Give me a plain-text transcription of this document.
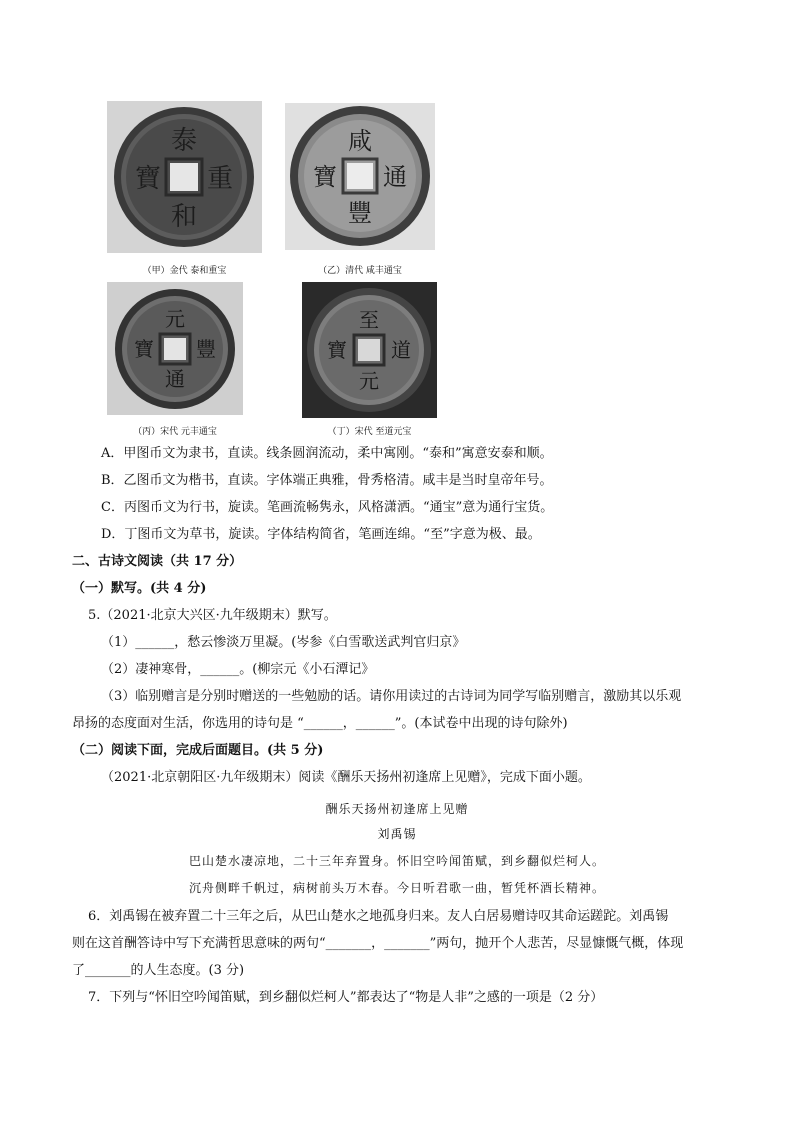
泰
重
和
寶
（甲）金代 泰和重宝
咸
通
豐
寶
（乙）清代 咸丰通宝
元
豐
通
寶
（丙）宋代 元丰通宝
至
道
元
寶
（丁）宋代 至道元宝
A．甲图币文为隶书，直读。线条圆润流动，柔中寓刚。“泰和”寓意安泰和顺。
B．乙图币文为楷书，直读。字体端正典雅，骨秀格清。咸丰是当时皇帝年号。
C．丙图币文为行书，旋读。笔画流畅隽永，风格潇洒。“通宝”意为通行宝货。
D．丁图币文为草书，旋读。字体结构简省，笔画连绵。“至”字意为极、最。
二、古诗文阅读（共 17 分）
（一）默写。(共 4 分)
5.（2021·北京大兴区·九年级期末）默写。
（1）______，愁云惨淡万里凝。(岑参《白雪歌送武判官归京》
（2）凄神寒骨，______。(柳宗元《小石潭记》
（3）临别赠言是分别时赠送的一些勉励的话。请你用读过的古诗词为同学写临别赠言，激励其以乐观
昂扬的态度面对生活，你选用的诗句是 “______，______”。(本试卷中出现的诗句除外)
（二）阅读下面，完成后面题目。(共 5 分)
（2021·北京朝阳区·九年级期末）阅读《酬乐天扬州初逢席上见赠》，完成下面小题。
酬乐天扬州初逢席上见赠
刘禹锡
巴山楚水凄凉地，二十三年弃置身。怀旧空吟闻笛赋，到乡翻似烂柯人。
沉舟侧畔千帆过，病树前头万木春。今日听君歌一曲，暂凭杯酒长精神。
6．刘禹锡在被弃置二十三年之后，从巴山楚水之地孤身归来。友人白居易赠诗叹其命运蹉跎。刘禹锡
则在这首酬答诗中写下充满哲思意味的两句“_______，_______”两句，抛开个人悲苦，尽显慷慨气概，体现
了_______的人生态度。(3 分)
7．下列与“怀旧空吟闻笛赋，到乡翻似烂柯人”都表达了“物是人非”之感的一项是（2 分）
